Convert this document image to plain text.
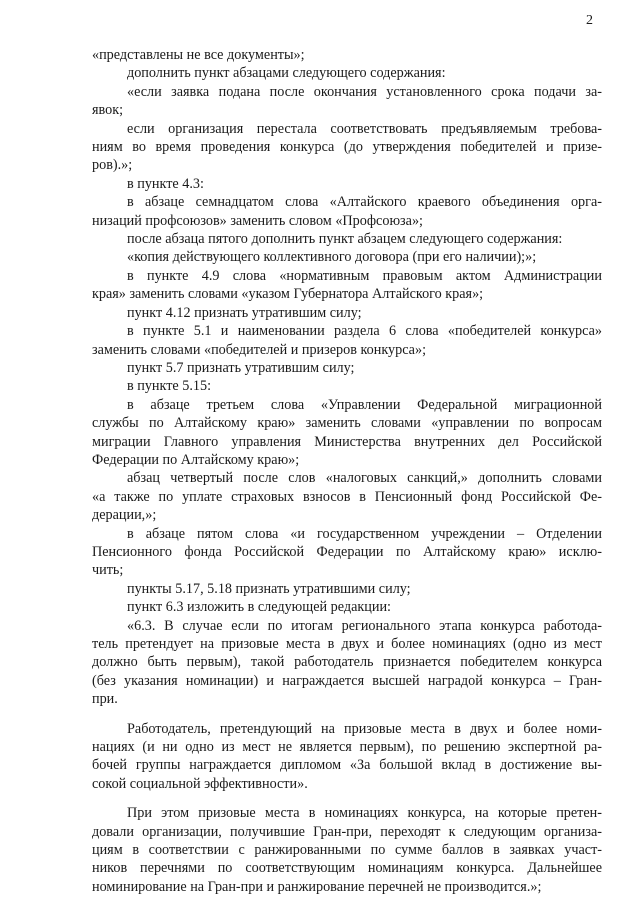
2
«представлены не все документы»;
дополнить пункт абзацами следующего содержания:
«если заявка подана после окончания установленного срока подачи за-
явок;
если организация перестала соответствовать предъявляемым требова-
ниям во время проведения конкурса (до утверждения победителей и призе-
ров).»;
в пункте 4.3:
в абзаце семнадцатом слова «Алтайского краевого объединения орга-
низаций профсоюзов» заменить словом «Профсоюза»;
после абзаца пятого дополнить пункт абзацем следующего содержания:
«копия действующего коллективного договора (при его наличии);»;
в пункте 4.9 слова «нормативным правовым актом Администрации
края» заменить словами «указом Губернатора Алтайского края»;
пункт 4.12 признать утратившим силу;
в пункте 5.1 и наименовании раздела 6 слова «победителей конкурса»
заменить словами «победителей и призеров конкурса»;
пункт 5.7 признать утратившим силу;
в пункте 5.15:
в абзаце третьем слова «Управлении Федеральной миграционной
службы по Алтайскому краю» заменить словами «управлении по вопросам
миграции Главного управления Министерства внутренних дел Российской
Федерации по Алтайскому краю»;
абзац четвертый после слов «налоговых санкций,» дополнить словами
«а также по уплате страховых взносов в Пенсионный фонд Российской Фе-
дерации,»;
в абзаце пятом слова «и государственном учреждении – Отделении
Пенсионного фонда Российской Федерации по Алтайскому краю» исклю-
чить;
пункты 5.17, 5.18 признать утратившими силу;
пункт 6.3 изложить в следующей редакции:
«6.3. В случае если по итогам регионального этапа конкурса работода-
тель претендует на призовые места в двух и более номинациях (одно из мест
должно быть первым), такой работодатель признается победителем конкурса
(без указания номинации) и награждается высшей наградой конкурса – Гран-
при.
Работодатель, претендующий на призовые места в двух и более номи-
нациях (и ни одно из мест не является первым), по решению экспертной ра-
бочей группы награждается дипломом «За большой вклад в достижение вы-
сокой социальной эффективности».
При этом призовые места в номинациях конкурса, на которые претен-
довали организации, получившие Гран-при, переходят к следующим организа-
циям в соответствии с ранжированными по сумме баллов в заявках участ-
ников перечнями по соответствующим номинациям конкурса. Дальнейшее
номинирование на Гран-при и ранжирование перечней не производится.»;
